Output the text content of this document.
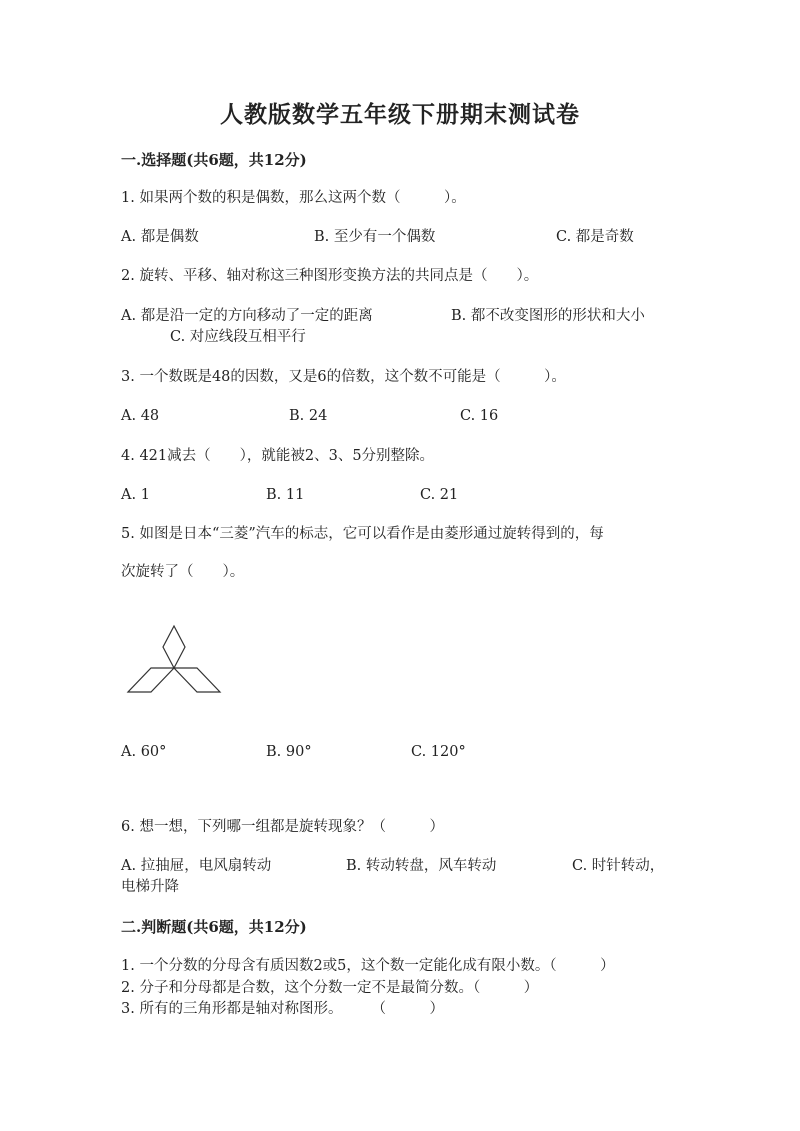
人教版数学五年级下册期末测试卷
一.选择题(共6题，共12分)
1. 如果两个数的积是偶数，那么这两个数（　　　）。
A. 都是偶数	B. 至少有一个偶数	C. 都是奇数
2. 旋转、平移、轴对称这三种图形变换方法的共同点是（　　）。
A. 都是沿一定的方向移动了一定的距离	B. 都不改变图形的形状和大小
C. 对应线段互相平行
3. 一个数既是48的因数，又是6的倍数，这个数不可能是（　　　）。
A. 48	B. 24	C. 16
4. 421减去（　　），就能被2、3、5分别整除。
A. 1	B. 11	C. 21
5. 如图是日本“三菱”汽车的标志，它可以看作是由菱形通过旋转得到的，每
次旋转了（　　）。
A. 60°	B. 90°	C. 120°
6. 想一想，下列哪一组都是旋转现象？（　　　）
A. 拉抽屉，电风扇转动	B. 转动转盘，风车转动	C. 时针转动，
电梯升降
二.判断题(共6题，共12分)
1. 一个分数的分母含有质因数2或5，这个数一定能化成有限小数。（　　　）
2. 分子和分母都是合数，这个分数一定不是最简分数。（　　　）
3. 所有的三角形都是轴对称图形。　　　（　　　）
